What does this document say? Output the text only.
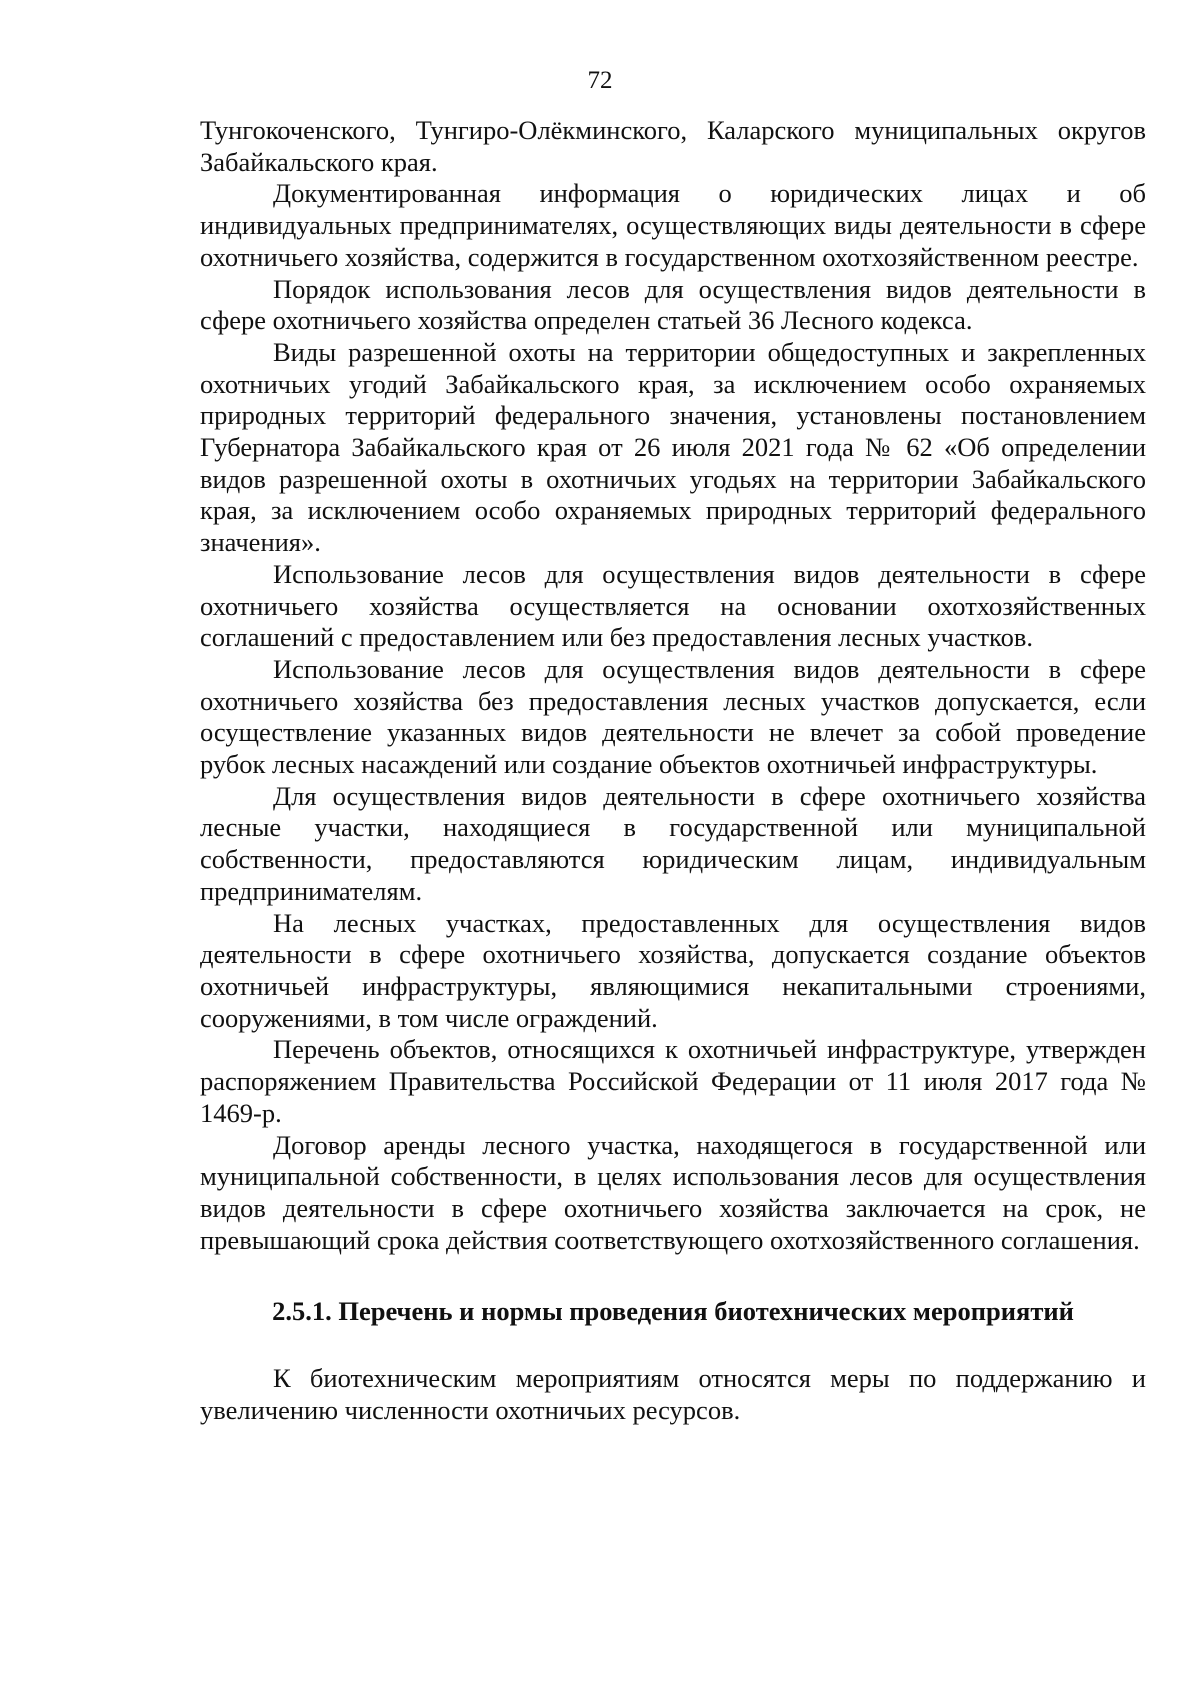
72

Тунгокоченского, Тунгиро-Олёкминского, Каларского муниципальных округов Забайкальского края.

Документированная информация о юридических лицах и об индивидуальных предпринимателях, осуществляющих виды деятельности в сфере охотничьего хозяйства, содержится в государственном охотхозяйственном реестре.

Порядок использования лесов для осуществления видов деятельности в сфере охотничьего хозяйства определен статьей 36 Лесного кодекса.

Виды разрешенной охоты на территории общедоступных и закрепленных охотничьих угодий Забайкальского края, за исключением особо охраняемых природных территорий федерального значения, установлены постановлением Губернатора Забайкальского края от 26 июля 2021 года № 62 «Об определении видов разрешенной охоты в охотничьих угодьях на территории Забайкальского края, за исключением особо охраняемых природных территорий федерального значения».

Использование лесов для осуществления видов деятельности в сфере охотничьего хозяйства осуществляется на основании охотхозяйственных соглашений с предоставлением или без предоставления лесных участков.

Использование лесов для осуществления видов деятельности в сфере охотничьего хозяйства без предоставления лесных участков допускается, если осуществление указанных видов деятельности не влечет за собой проведение рубок лесных насаждений или создание объектов охотничьей инфраструктуры.

Для осуществления видов деятельности в сфере охотничьего хозяйства лесные участки, находящиеся в государственной или муниципальной собственности, предоставляются юридическим лицам, индивидуальным предпринимателям.

На лесных участках, предоставленных для осуществления видов деятельности в сфере охотничьего хозяйства, допускается создание объектов охотничьей инфраструктуры, являющимися некапитальными строениями, сооружениями, в том числе ограждений.

Перечень объектов, относящихся к охотничьей инфраструктуре, утвержден распоряжением Правительства Российской Федерации от 11 июля 2017 года № 1469-р.

Договор аренды лесного участка, находящегося в государственной или муниципальной собственности, в целях использования лесов для осуществления видов деятельности в сфере охотничьего хозяйства заключается на срок, не превышающий срока действия соответствующего охотхозяйственного соглашения.

2.5.1. Перечень и нормы проведения биотехнических мероприятий

К биотехническим мероприятиям относятся меры по поддержанию и увеличению численности охотничьих ресурсов.
